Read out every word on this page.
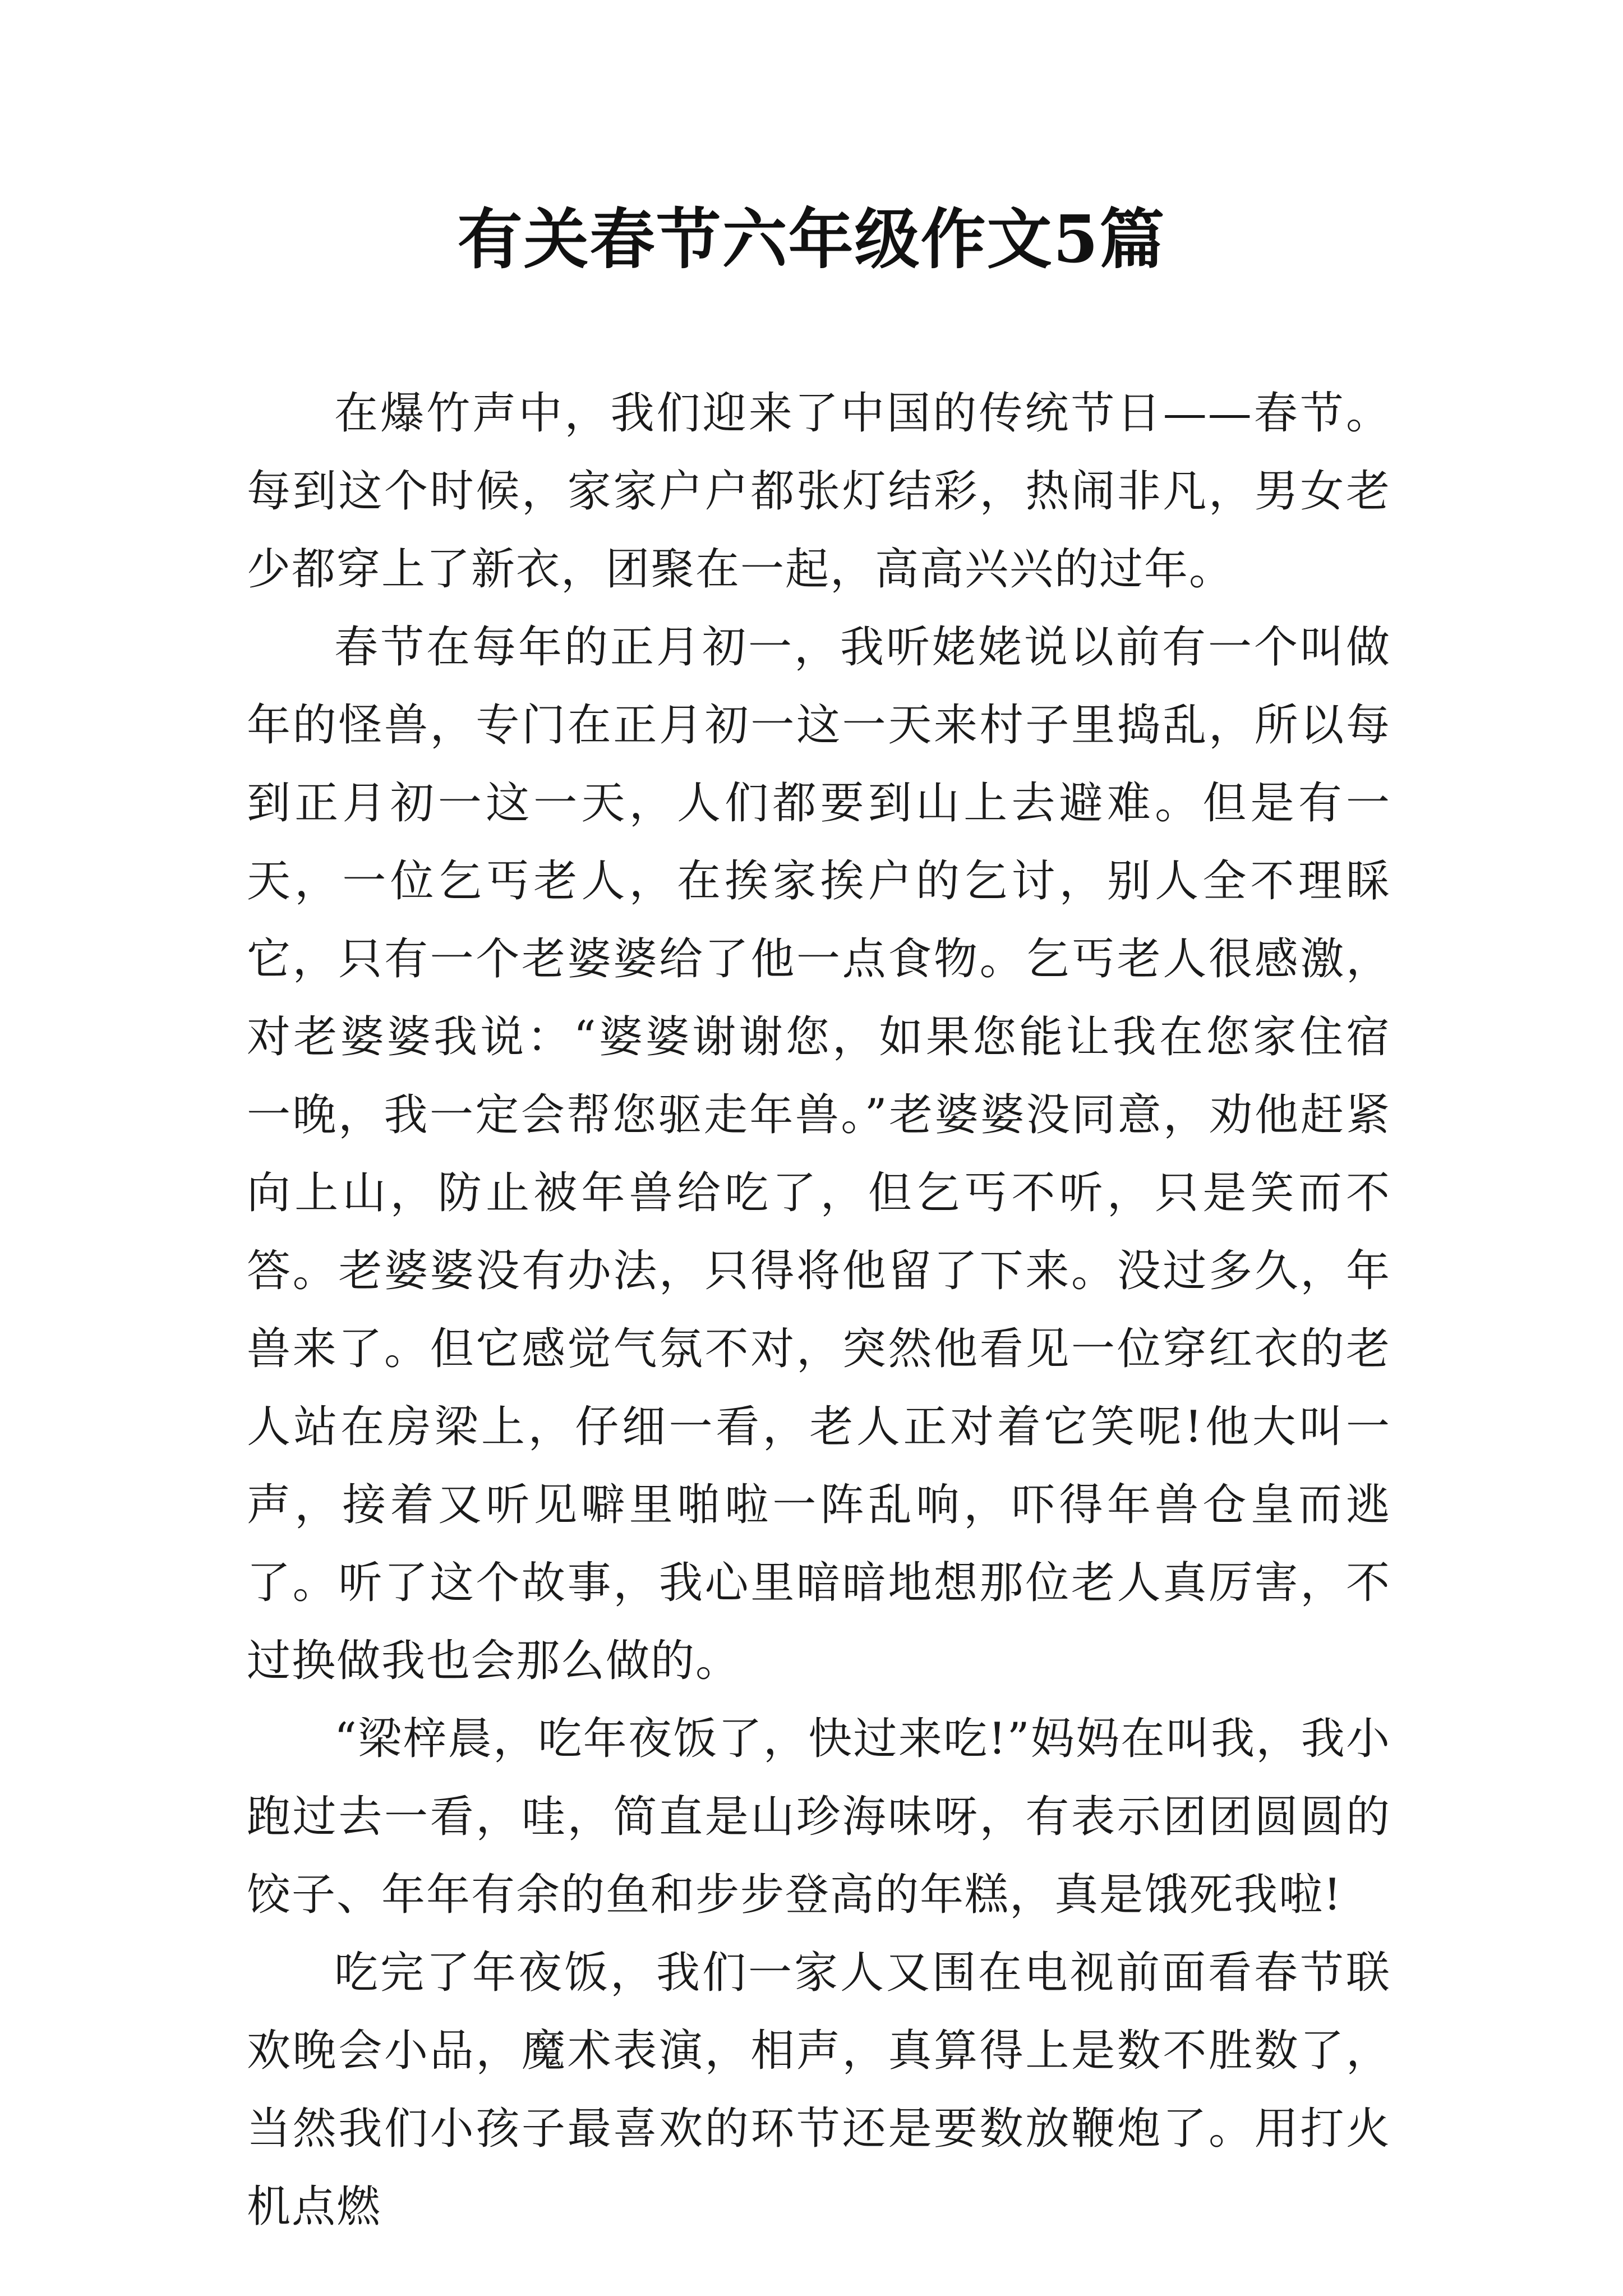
有关春节六年级作文5篇

在爆竹声中，我们迎来了中国的传统节日——春节。每到这个时候，家家户户都张灯结彩，热闹非凡，男女老少都穿上了新衣，团聚在一起，高高兴兴的过年。

春节在每年的正月初一，我听姥姥说以前有一个叫做年的怪兽，专门在正月初一这一天来村子里捣乱，所以每到正月初一这一天，人们都要到山上去避难。但是有一天，一位乞丐老人，在挨家挨户的乞讨，别人全不理睬它，只有一个老婆婆给了他一点食物。乞丐老人很感激，对老婆婆我说：“婆婆谢谢您，如果您能让我在您家住宿一晚，我一定会帮您驱走年兽。”老婆婆没同意，劝他赶紧向上山，防止被年兽给吃了，但乞丐不听，只是笑而不答。老婆婆没有办法，只得将他留了下来。没过多久，年兽来了。但它感觉气氛不对，突然他看见一位穿红衣的老人站在房梁上，仔细一看，老人正对着它笑呢!他大叫一声，接着又听见噼里啪啦一阵乱响，吓得年兽仓皇而逃了。听了这个故事，我心里暗暗地想那位老人真厉害，不过换做我也会那么做的。

“梁梓晨，吃年夜饭了，快过来吃!”妈妈在叫我，我小跑过去一看，哇，简直是山珍海味呀，有表示团团圆圆的饺子、年年有余的鱼和步步登高的年糕，真是饿死我啦!

吃完了年夜饭，我们一家人又围在电视前面看春节联欢晚会小品，魔术表演，相声，真算得上是数不胜数了，当然我们小孩子最喜欢的环节还是要数放鞭炮了。用打火机点燃
